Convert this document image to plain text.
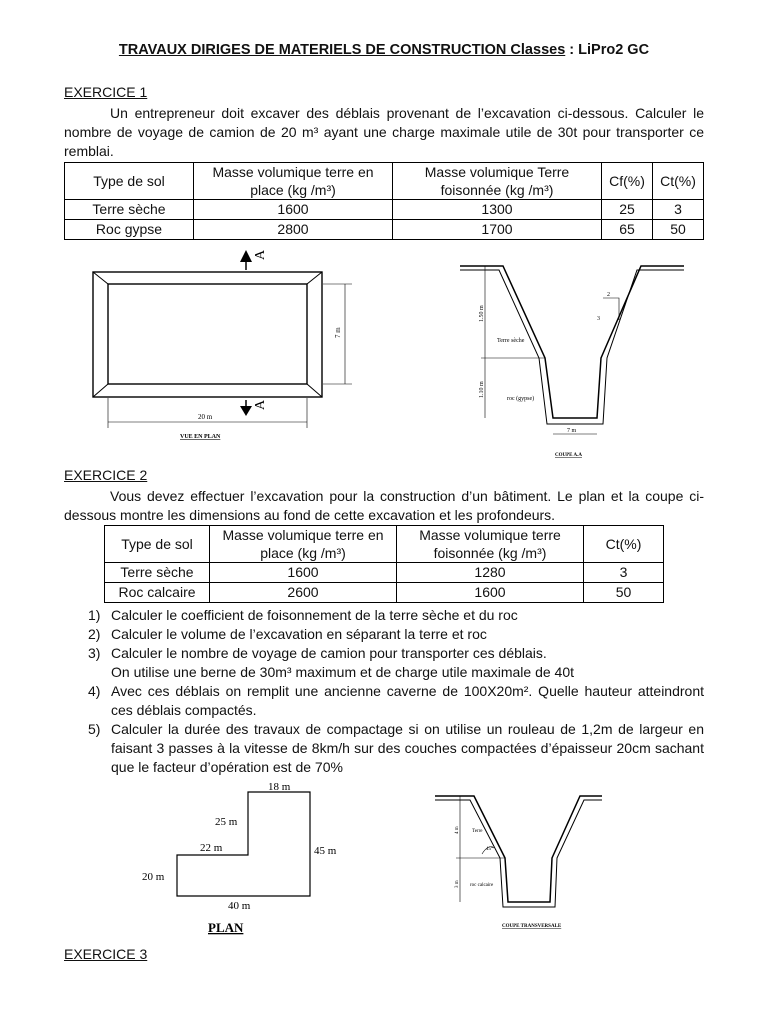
TRAVAUX DIRIGES DE MATERIELS DE CONSTRUCTION Classes : LiPro2 GC
EXERCICE 1
Un entrepreneur doit excaver des déblais provenant de l’excavation ci-dessous. Calculer le nombre de voyage de camion de 20 m³ ayant une charge maximale utile de 30t pour transporter ce remblai.
Type de sol	Masse volumique terre en place (kg /m³)	Masse volumique Terre foisonnée (kg /m³)	Cf(%)	Ct(%)
Terre sèche	1600	1300	25	3
Roc gypse	2800	1700	65	50
A
A
7 m
20 m
VUE EN PLAN
1.50 m
1.10 m
Terre sèche
roc (gypse)
7 m
2
3
COUPE A.A
EXERCICE 2
Vous devez effectuer l’excavation pour la construction d’un bâtiment. Le plan et la coupe ci-dessous montre les dimensions au fond de cette excavation et les profondeurs.
Type de sol	Masse volumique terre en place (kg /m³)	Masse volumique terre foisonnée (kg /m³)	Ct(%)
Terre sèche	1600	1280	3
Roc calcaire	2600	1600	50
1) Calculer le coefficient de foisonnement de la terre sèche et du roc
2) Calculer le volume de l’excavation en séparant la terre et roc
3) Calculer le nombre de voyage de camion pour transporter ces déblais.
On utilise une berne de 30m³ maximum et de charge utile maximale de 40t
4) Avec ces déblais on remplit une ancienne caverne de 100X20m². Quelle hauteur atteindront ces déblais compactés.
5) Calculer la durée des travaux de compactage si on utilise un rouleau de 1,2m de largeur en faisant 3 passes à la vitesse de 8km/h sur des couches compactées d’épaisseur 20cm sachant que le facteur d’opération est de 70%
18 m
25 m
22 m	45 m
20 m
40 m
PLAN
4 m
3 m
Terre
roc calcaire
45°
COUPE TRANSVERSALE
EXERCICE 3
